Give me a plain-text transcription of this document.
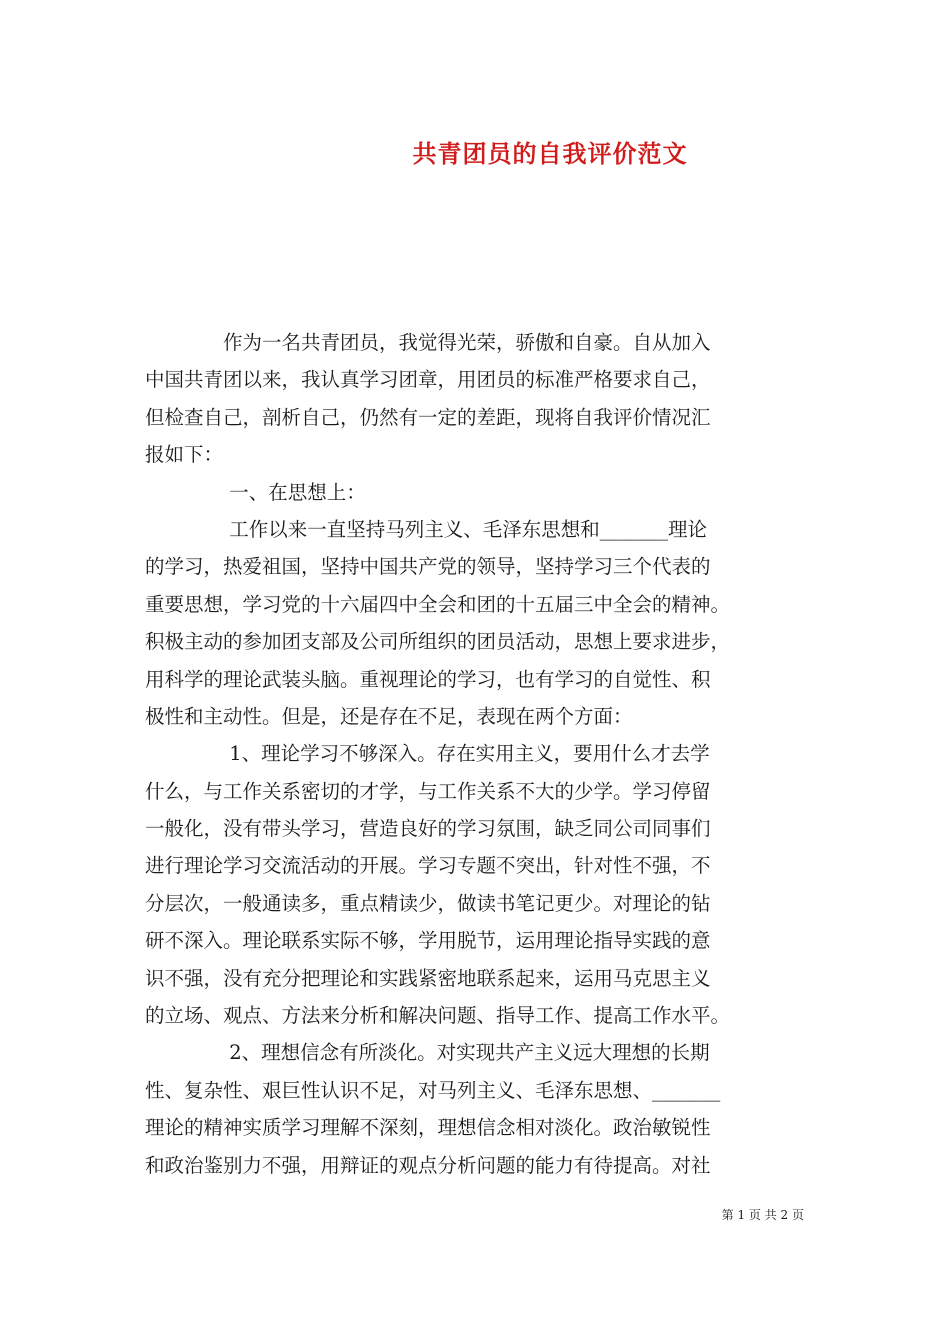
共青团员的自我评价范文
　　　　作为一名共青团员，我觉得光荣，骄傲和自豪。自从加入
中国共青团以来，我认真学习团章，用团员的标准严格要求自己，
但检查自己，剖析自己，仍然有一定的差距，现将自我评价情况汇
报如下：
　　　　 一、在思想上：
　　　　 工作以来一直坚持马列主义、毛泽东思想和_______理论
的学习，热爱祖国，坚持中国共产党的领导，坚持学习三个代表的
重要思想，学习党的十六届四中全会和团的十五届三中全会的精神。
积极主动的参加团支部及公司所组织的团员活动，思想上要求进步，
用科学的理论武装头脑。重视理论的学习，也有学习的自觉性、积
极性和主动性。但是，还是存在不足，表现在两个方面：
　　　　 1、理论学习不够深入。存在实用主义，要用什么才去学
什么，与工作关系密切的才学，与工作关系不大的少学。学习停留
一般化，没有带头学习，营造良好的学习氛围，缺乏同公司同事们
进行理论学习交流活动的开展。学习专题不突出，针对性不强，不
分层次，一般通读多，重点精读少，做读书笔记更少。对理论的钻
研不深入。理论联系实际不够，学用脱节，运用理论指导实践的意
识不强，没有充分把理论和实践紧密地联系起来，运用马克思主义
的立场、观点、方法来分析和解决问题、指导工作、提高工作水平。
　　　　 2、理想信念有所淡化。对实现共产主义远大理想的长期
性、复杂性、艰巨性认识不足，对马列主义、毛泽东思想、_______
理论的精神实质学习理解不深刻，理想信念相对淡化。政治敏锐性
和政治鉴别力不强，用辩证的观点分析问题的能力有待提高。对社
第 1 页 共 2 页
